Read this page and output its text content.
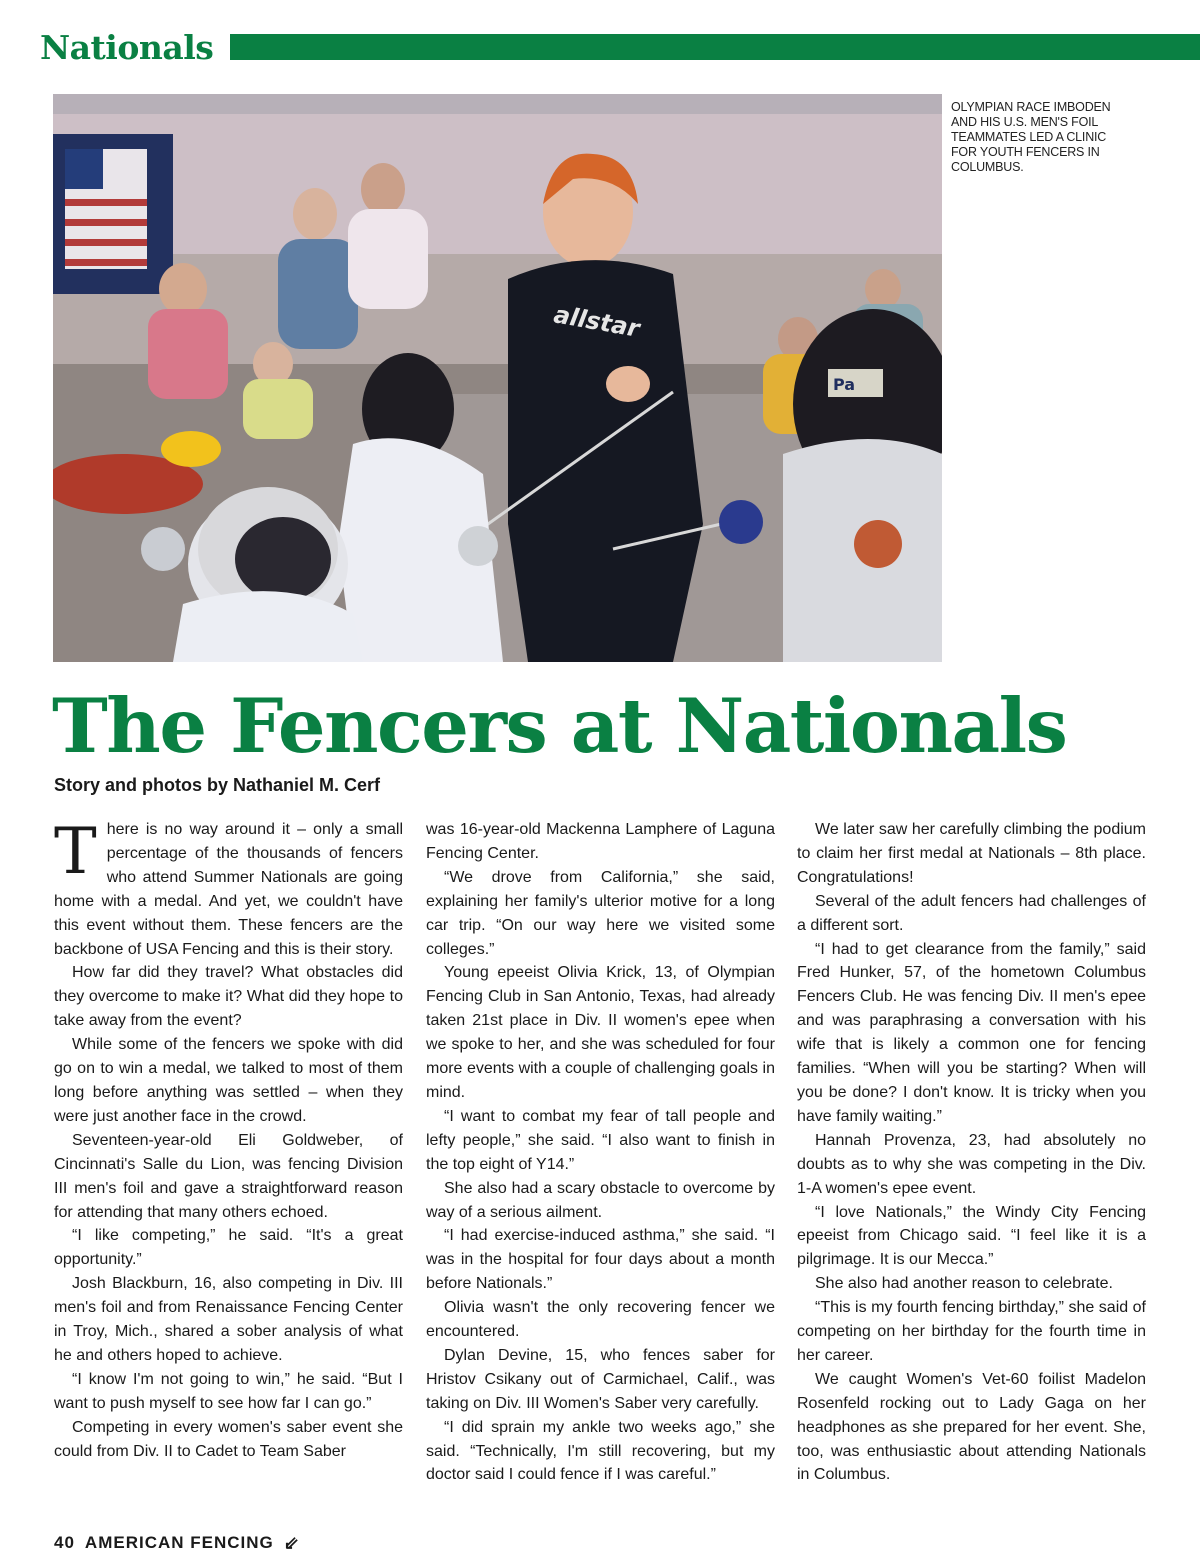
Nationals
allstar
Pa
OLYMPIAN RACE IMBODEN AND HIS U.S. MEN'S FOIL TEAMMATES LED A CLINIC FOR YOUTH FENCERS IN COLUMBUS.
The Fencers at Nationals
Story and photos by Nathaniel M. Cerf

There is no way around it – only a small percentage of the thousands of fencers who attend Summer Nationals are going home with a medal. And yet, we couldn't have this event without them. These fencers are the backbone of USA Fencing and this is their story.

How far did they travel? What obstacles did they overcome to make it? What did they hope to take away from the event?

While some of the fencers we spoke with did go on to win a medal, we talked to most of them long before anything was settled – when they were just another face in the crowd.

Seventeen-year-old Eli Goldweber, of Cincinnati's Salle du Lion, was fencing Division III men's foil and gave a straightforward reason for attending that many others echoed.

“I like competing,” he said. “It's a great opportunity.”

Josh Blackburn, 16, also competing in Div. III men's foil and from Renaissance Fencing Center in Troy, Mich., shared a sober analysis of what he and others hoped to achieve.

“I know I'm not going to win,” he said. “But I want to push myself to see how far I can go.”

Competing in every women's saber event she could from Div. II to Cadet to Team Saber

was 16-year-old Mackenna Lamphere of Laguna Fencing Center.

“We drove from California,” she said, explaining her family's ulterior motive for a long car trip. “On our way here we visited some colleges.”

Young epeeist Olivia Krick, 13, of Olympian Fencing Club in San Antonio, Texas, had already taken 21st place in Div. II women's epee when we spoke to her, and she was scheduled for four more events with a couple of challenging goals in mind.

“I want to combat my fear of tall people and lefty people,” she said. “I also want to finish in the top eight of Y14.”

She also had a scary obstacle to overcome by way of a serious ailment.

“I had exercise-induced asthma,” she said. “I was in the hospital for four days about a month before Nationals.”

Olivia wasn't the only recovering fencer we encountered.

Dylan Devine, 15, who fences saber for Hristov Csikany out of Carmichael, Calif., was taking on Div. III Women's Saber very carefully.

“I did sprain my ankle two weeks ago,” she said. “Technically, I'm still recovering, but my doctor said I could fence if I was careful.”

We later saw her carefully climbing the podium to claim her first medal at Nationals – 8th place. Congratulations!

Several of the adult fencers had challenges of a different sort.

“I had to get clearance from the family,” said Fred Hunker, 57, of the hometown Columbus Fencers Club. He was fencing Div. II men's epee and was paraphrasing a conversation with his wife that is likely a common one for fencing families. “When will you be starting? When will you be done? I don't know. It is tricky when you have family waiting.”

Hannah Provenza, 23, had absolutely no doubts as to why she was competing in the Div. 1-A women's epee event.

“I love Nationals,” the Windy City Fencing epeeist from Chicago said. “I feel like it is a pilgrimage. It is our Mecca.”

She also had another reason to celebrate.

“This is my fourth fencing birthday,” she said of competing on her birthday for the fourth time in her career.

We caught Women's Vet-60 foilist Madelon Rosenfeld rocking out to Lady Gaga on her headphones as she prepared for her event. She, too, was enthusiastic about attending Nationals in Columbus.

40 AMERICAN FENCING ⇙
